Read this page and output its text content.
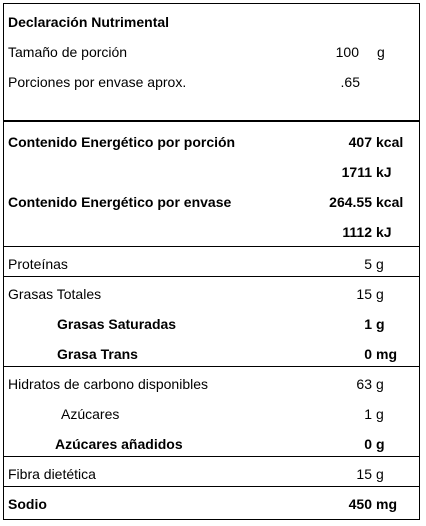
Declaración Nutrimental
Tamaño de porción	100 g
Porciones por envase aprox.	.65
Contenido Energético por porción	407 kcal
1711 kJ
Contenido Energético por envase	264.55 kcal
1112 kJ
Proteínas	5 g
Grasas Totales	15 g
Grasas Saturadas	1 g
Grasa Trans	0 mg
Hidratos de carbono disponibles	63 g
Azúcares	1 g
Azúcares añadidos	0 g
Fibra dietética	15 g
Sodio	450 mg
